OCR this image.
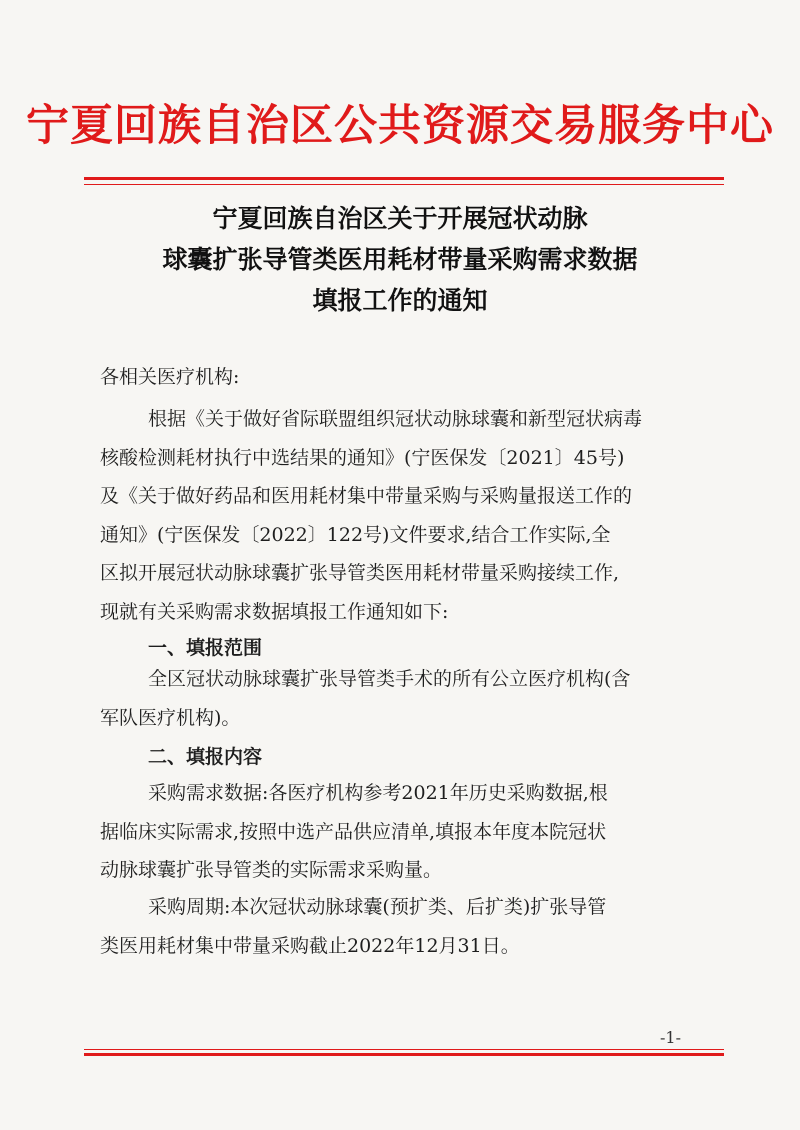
宁夏回族自治区公共资源交易服务中心
宁夏回族自治区关于开展冠状动脉
球囊扩张导管类医用耗材带量采购需求数据
填报工作的通知
各相关医疗机构:
根据《关于做好省际联盟组织冠状动脉球囊和新型冠状病毒
核酸检测耗材执行中选结果的通知》(宁医保发〔2021〕45号)
及《关于做好药品和医用耗材集中带量采购与采购量报送工作的
通知》(宁医保发〔2022〕122号)文件要求,结合工作实际,全
区拟开展冠状动脉球囊扩张导管类医用耗材带量采购接续工作,
现就有关采购需求数据填报工作通知如下:
一、填报范围
全区冠状动脉球囊扩张导管类手术的所有公立医疗机构(含
军队医疗机构)。
二、填报内容
采购需求数据:各医疗机构参考2021年历史采购数据,根
据临床实际需求,按照中选产品供应清单,填报本年度本院冠状
动脉球囊扩张导管类的实际需求采购量。
采购周期:本次冠状动脉球囊(预扩类、后扩类)扩张导管
类医用耗材集中带量采购截止2022年12月31日。
-1-
